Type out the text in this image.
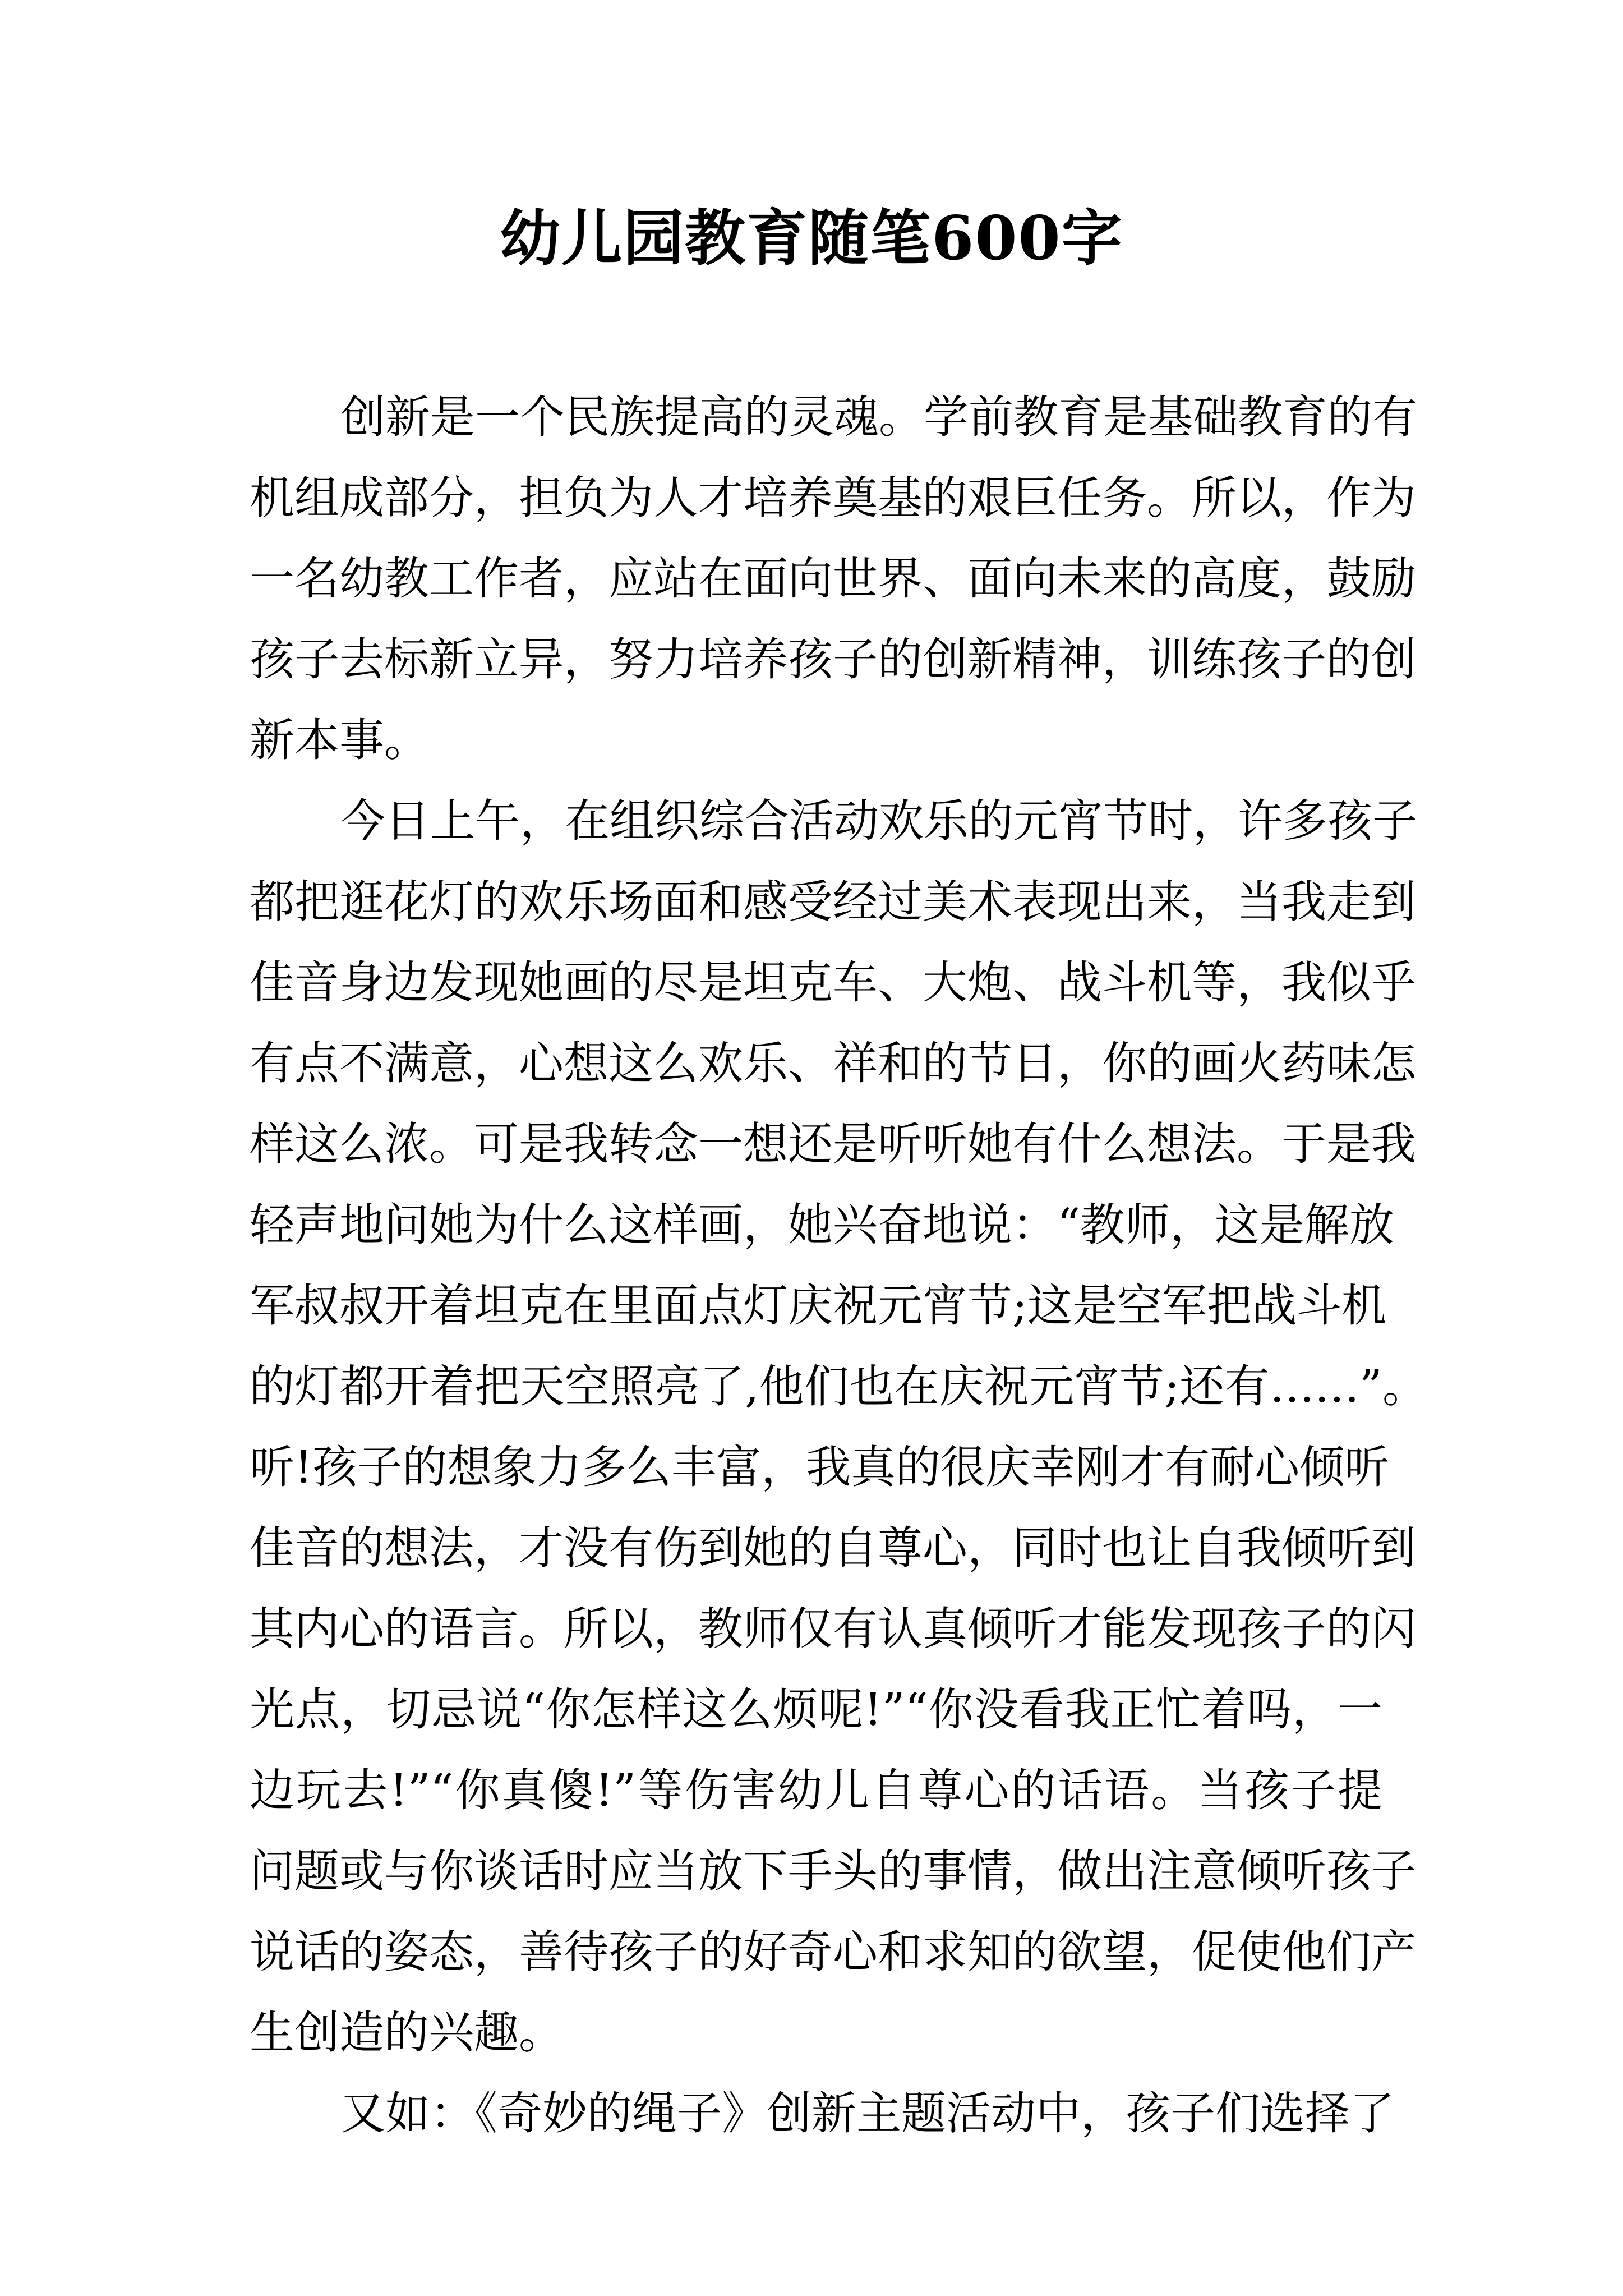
幼儿园教育随笔600字
创新是一个民族提高的灵魂。学前教育是基础教育的有
机组成部分，担负为人才培养奠基的艰巨任务。所以，作为
一名幼教工作者，应站在面向世界、面向未来的高度，鼓励
孩子去标新立异，努力培养孩子的创新精神，训练孩子的创
新本事。
今日上午，在组织综合活动欢乐的元宵节时，许多孩子
都把逛花灯的欢乐场面和感受经过美术表现出来，当我走到
佳音身边发现她画的尽是坦克车、大炮、战斗机等，我似乎
有点不满意，心想这么欢乐、祥和的节日，你的画火药味怎
样这么浓。可是我转念一想还是听听她有什么想法。于是我
轻声地问她为什么这样画，她兴奋地说：“教师，这是解放
军叔叔开着坦克在里面点灯庆祝元宵节;这是空军把战斗机
的灯都开着把天空照亮了,他们也在庆祝元宵节;还有……”。
听!孩子的想象力多么丰富，我真的很庆幸刚才有耐心倾听
佳音的想法，才没有伤到她的自尊心，同时也让自我倾听到
其内心的语言。所以，教师仅有认真倾听才能发现孩子的闪
光点，切忌说“你怎样这么烦呢!”“你没看我正忙着吗，一
边玩去!”“你真傻!”等伤害幼儿自尊心的话语。当孩子提
问题或与你谈话时应当放下手头的事情，做出注意倾听孩子
说话的姿态，善待孩子的好奇心和求知的欲望，促使他们产
生创造的兴趣。
又如：《奇妙的绳子》创新主题活动中，孩子们选择了
